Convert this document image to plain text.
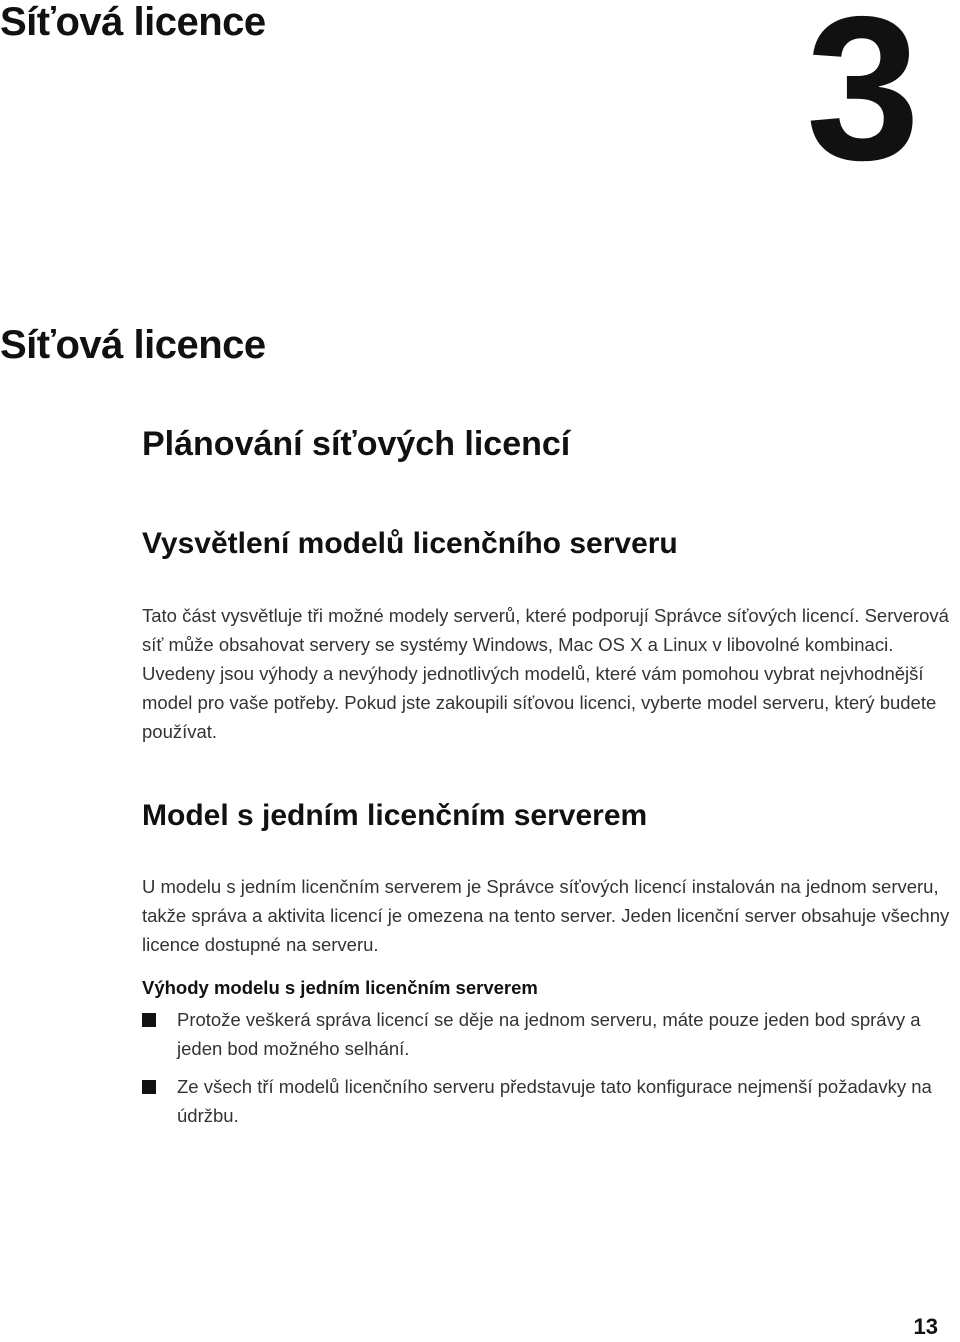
Síťová licence	3
Síťová licence
Plánování síťových licencí
Vysvětlení modelů licenčního serveru

Tato část vysvětluje tři možné modely serverů, které podporují Správce síťových licencí. Serverová síť může obsahovat servery se systémy Windows, Mac OS X a Linux v libovolné kombinaci. Uvedeny jsou výhody a nevýhody jednotlivých modelů, které vám pomohou vybrat nejvhodnější model pro vaše potřeby. Pokud jste zakoupili síťovou licenci, vyberte model serveru, který budete používat.

Model s jedním licenčním serverem

U modelu s jedním licenčním serverem je Správce síťových licencí instalován na jednom serveru, takže správa a aktivita licencí je omezena na tento server. Jeden licenční server obsahuje všechny licence dostupné na serveru.

Výhody modelu s jedním licenčním serverem
Protože veškerá správa licencí se děje na jednom serveru, máte pouze jeden bod správy a jeden bod možného selhání.
Ze všech tří modelů licenčního serveru představuje tato konfigurace nejmenší požadavky na údržbu.
13
